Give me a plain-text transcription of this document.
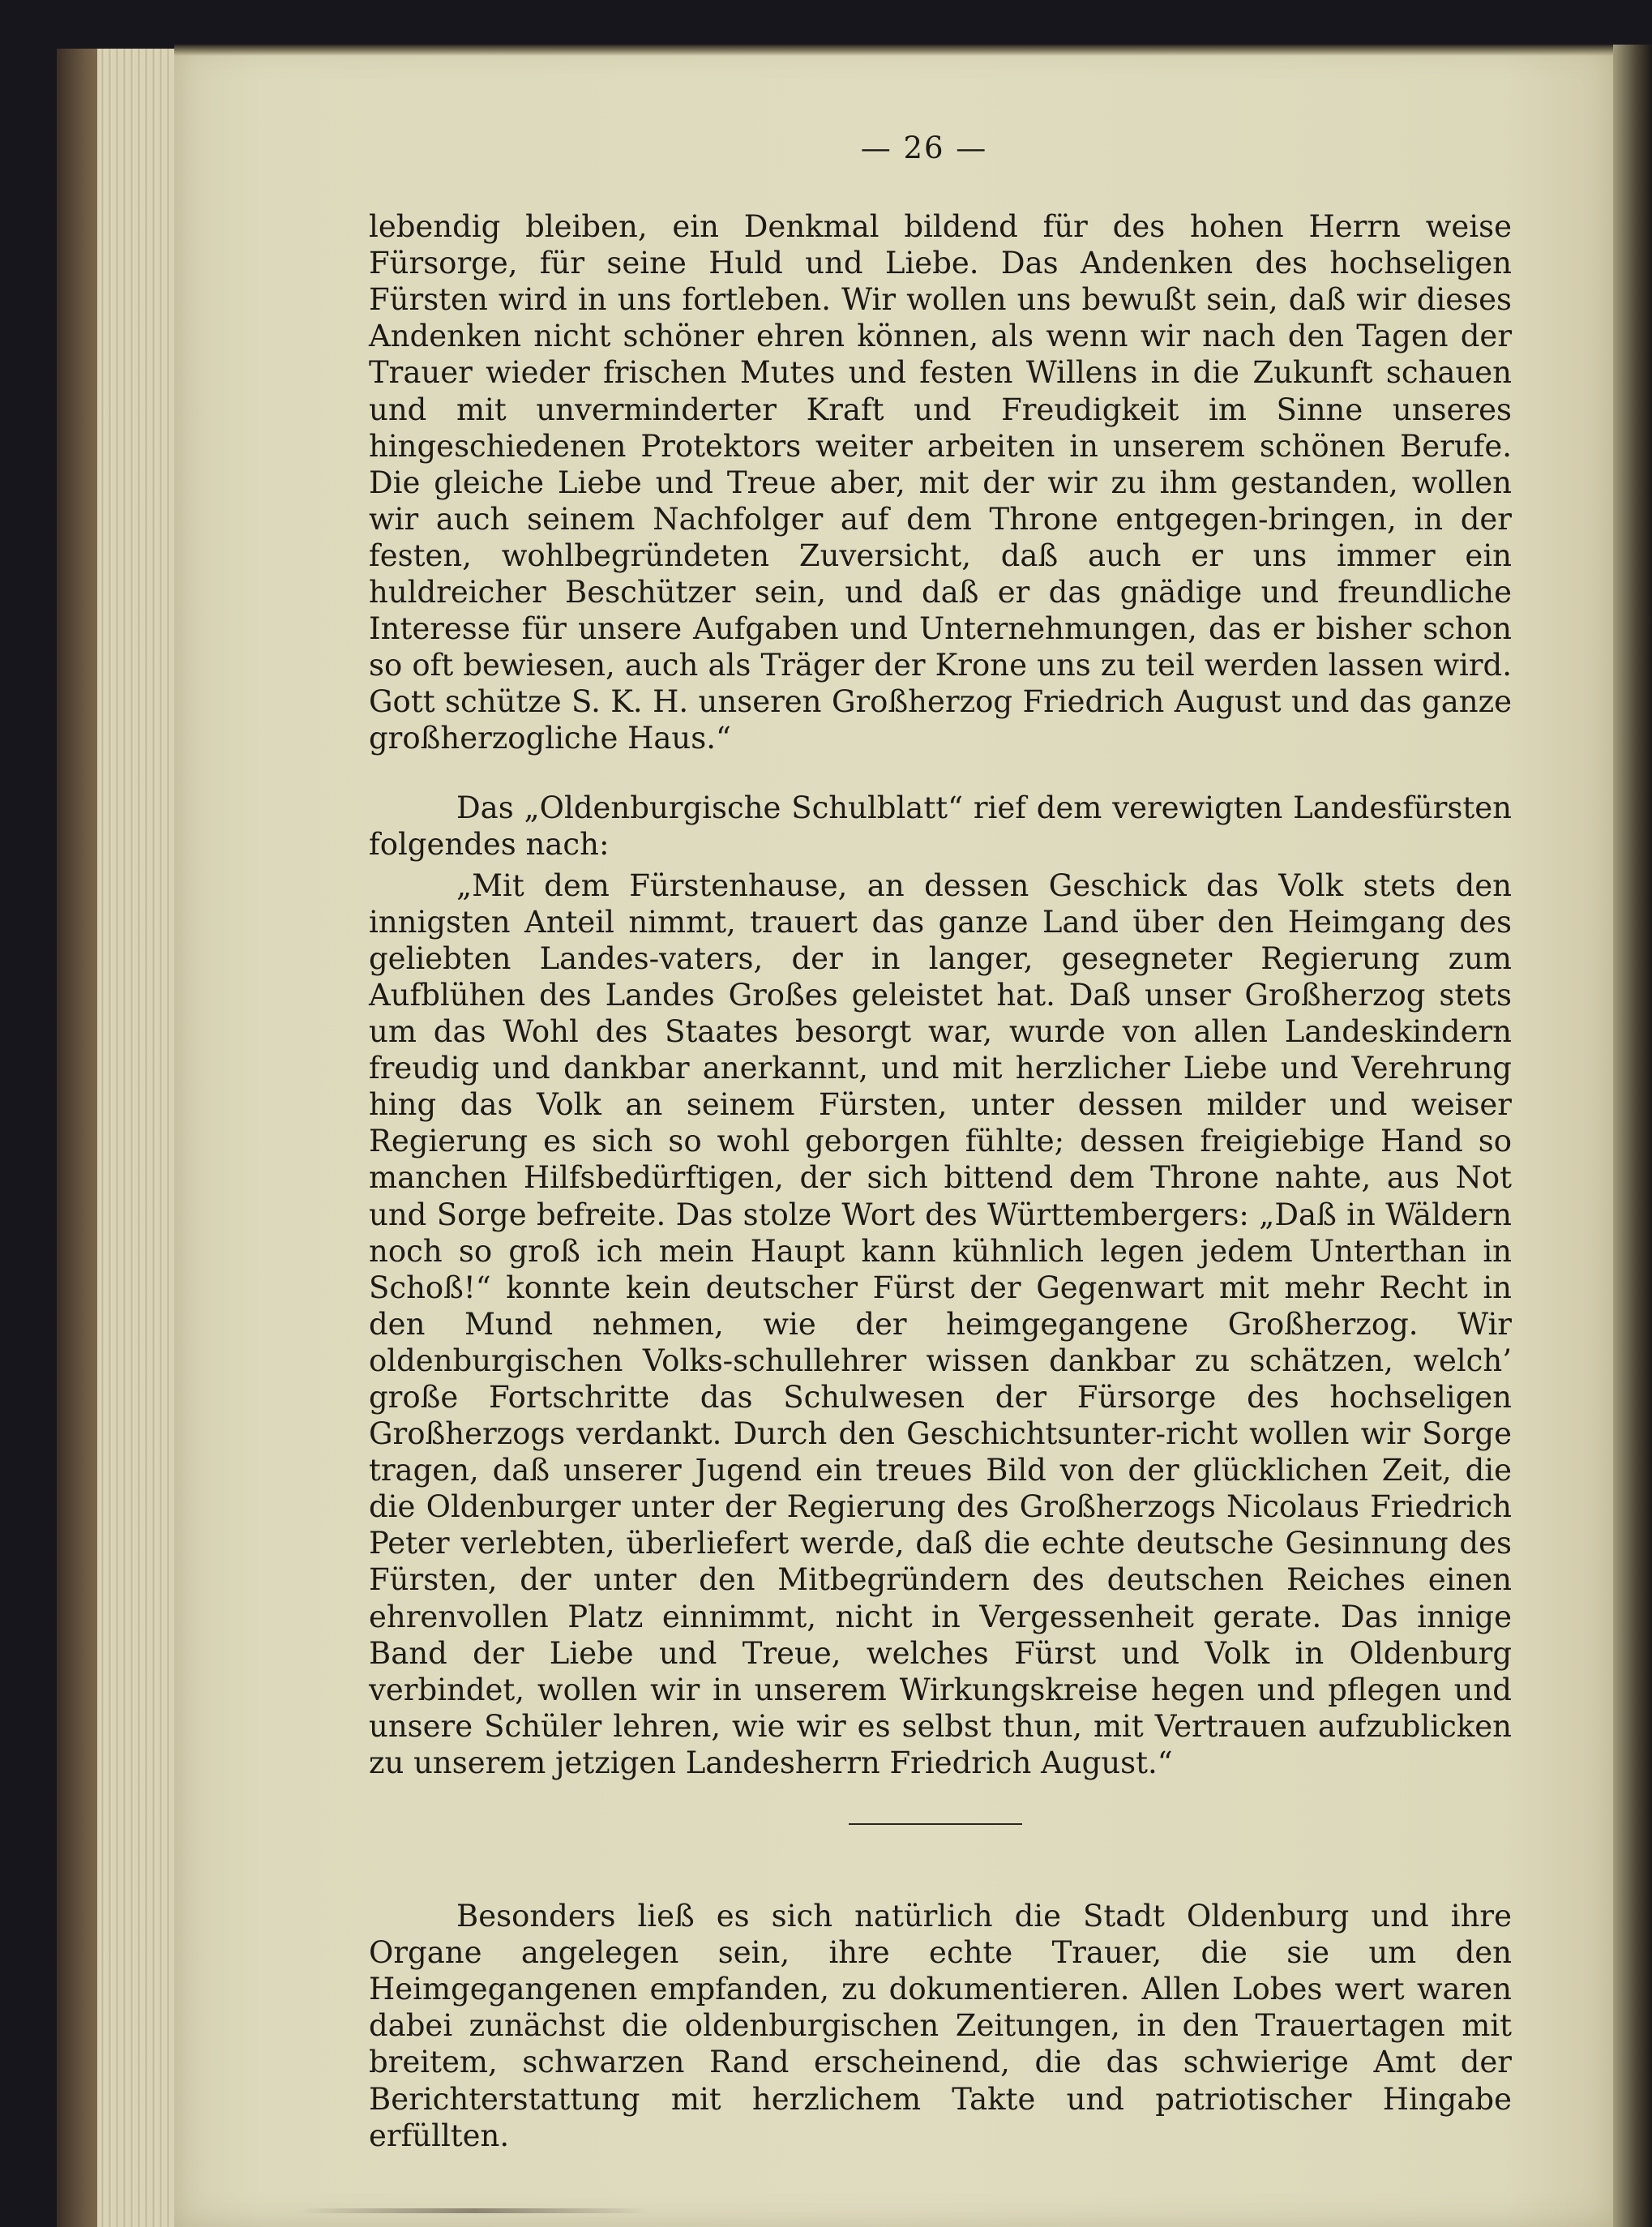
— 26 —

lebendig bleiben, ein Denkmal bildend für des hohen Herrn weise Fürsorge, für seine Huld und Liebe. Das Andenken des hochseligen Fürsten wird in uns fortleben. Wir wollen uns bewußt sein, daß wir dieses Andenken nicht schöner ehren können, als wenn wir nach den Tagen der Trauer wieder frischen Mutes und festen Willens in die Zukunft schauen und mit unverminderter Kraft und Freudigkeit im Sinne unseres hingeschiedenen Protektors weiter arbeiten in unserem schönen Berufe. Die gleiche Liebe und Treue aber, mit der wir zu ihm gestanden, wollen wir auch seinem Nachfolger auf dem Throne entgegen-bringen, in der festen, wohlbegründeten Zuversicht, daß auch er uns immer ein huldreicher Beschützer sein, und daß er das gnädige und freundliche Interesse für unsere Aufgaben und Unternehmungen, das er bisher schon so oft bewiesen, auch als Träger der Krone uns zu teil werden lassen wird. Gott schütze S. K. H. unseren Großherzog Friedrich August und das ganze großherzogliche Haus.“

Das „Oldenburgische Schulblatt“ rief dem verewigten Landesfürsten folgendes nach:

„Mit dem Fürstenhause, an dessen Geschick das Volk stets den innigsten Anteil nimmt, trauert das ganze Land über den Heimgang des geliebten Landes-vaters, der in langer, gesegneter Regierung zum Aufblühen des Landes Großes geleistet hat. Daß unser Großherzog stets um das Wohl des Staates besorgt war, wurde von allen Landeskindern freudig und dankbar anerkannt, und mit herzlicher Liebe und Verehrung hing das Volk an seinem Fürsten, unter dessen milder und weiser Regierung es sich so wohl geborgen fühlte; dessen freigiebige Hand so manchen Hilfsbedürftigen, der sich bittend dem Throne nahte, aus Not und Sorge befreite. Das stolze Wort des Württembergers: „Daß in Wäldern noch so groß ich mein Haupt kann kühnlich legen jedem Unterthan in Schoß!“ konnte kein deutscher Fürst der Gegenwart mit mehr Recht in den Mund nehmen, wie der heimgegangene Großherzog. Wir oldenburgischen Volks-schullehrer wissen dankbar zu schätzen, welch’ große Fortschritte das Schulwesen der Fürsorge des hochseligen Großherzogs verdankt. Durch den Geschichtsunter-richt wollen wir Sorge tragen, daß unserer Jugend ein treues Bild von der glücklichen Zeit, die die Oldenburger unter der Regierung des Großherzogs Nicolaus Friedrich Peter verlebten, überliefert werde, daß die echte deutsche Gesinnung des Fürsten, der unter den Mitbegründern des deutschen Reiches einen ehrenvollen Platz einnimmt, nicht in Vergessenheit gerate. Das innige Band der Liebe und Treue, welches Fürst und Volk in Oldenburg verbindet, wollen wir in unserem Wirkungskreise hegen und pflegen und unsere Schüler lehren, wie wir es selbst thun, mit Vertrauen aufzublicken zu unserem jetzigen Landesherrn Friedrich August.“

Besonders ließ es sich natürlich die Stadt Oldenburg und ihre Organe angelegen sein, ihre echte Trauer, die sie um den Heimgegangenen empfanden, zu dokumentieren. Allen Lobes wert waren dabei zunächst die oldenburgischen Zeitungen, in den Trauertagen mit breitem, schwarzen Rand erscheinend, die das schwierige Amt der Berichterstattung mit herzlichem Takte und patriotischer Hingabe erfüllten.
